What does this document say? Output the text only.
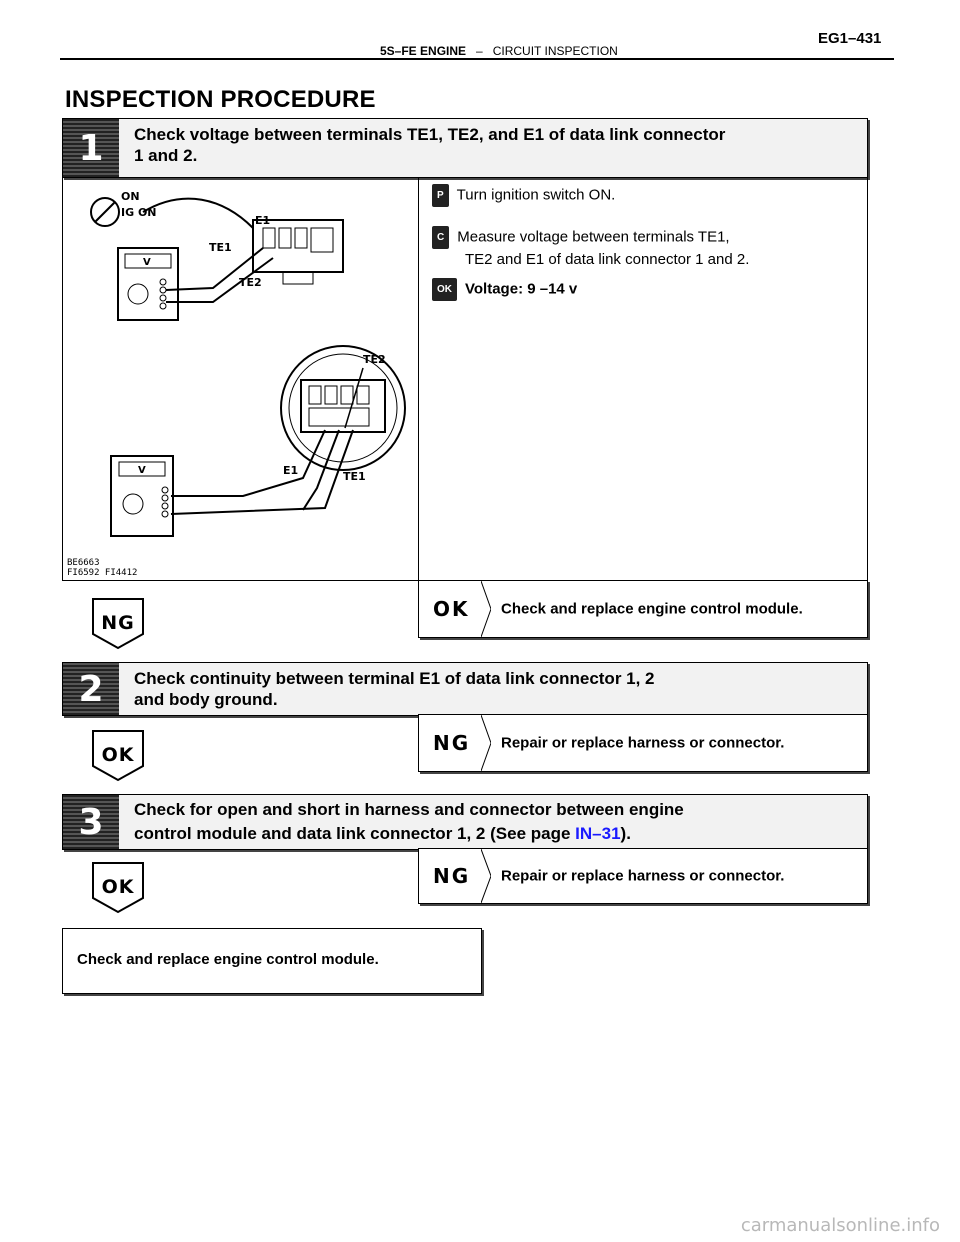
5S–FE ENGINE – CIRCUIT INSPECTION
EG1–431
INSPECTION PROCEDURE
1	Check voltage between terminals TE1, TE2, and E1 of data link connector 1 and 2.
ON
IG ON
E1
TE1
TE2
V
TE2
E1	TE1
V
BE6663
FI6592 FI4412
P Turn ignition switch ON.
C Measure voltage between terminals TE1,
TE2 and E1 of data link connector 1 and 2.
OK Voltage: 9 –14 v
OK Check and replace engine control module.
NG
2	Check continuity between terminal E1 of data link connector 1, 2
and body ground.
NG Repair or replace harness or connector.
OK
3	Check for open and short in harness and connector between engine
control module and data link connector 1, 2 (See page IN–31).
NG Repair or replace harness or connector.
OK
Check and replace engine control module.
carmanualsonline.info
